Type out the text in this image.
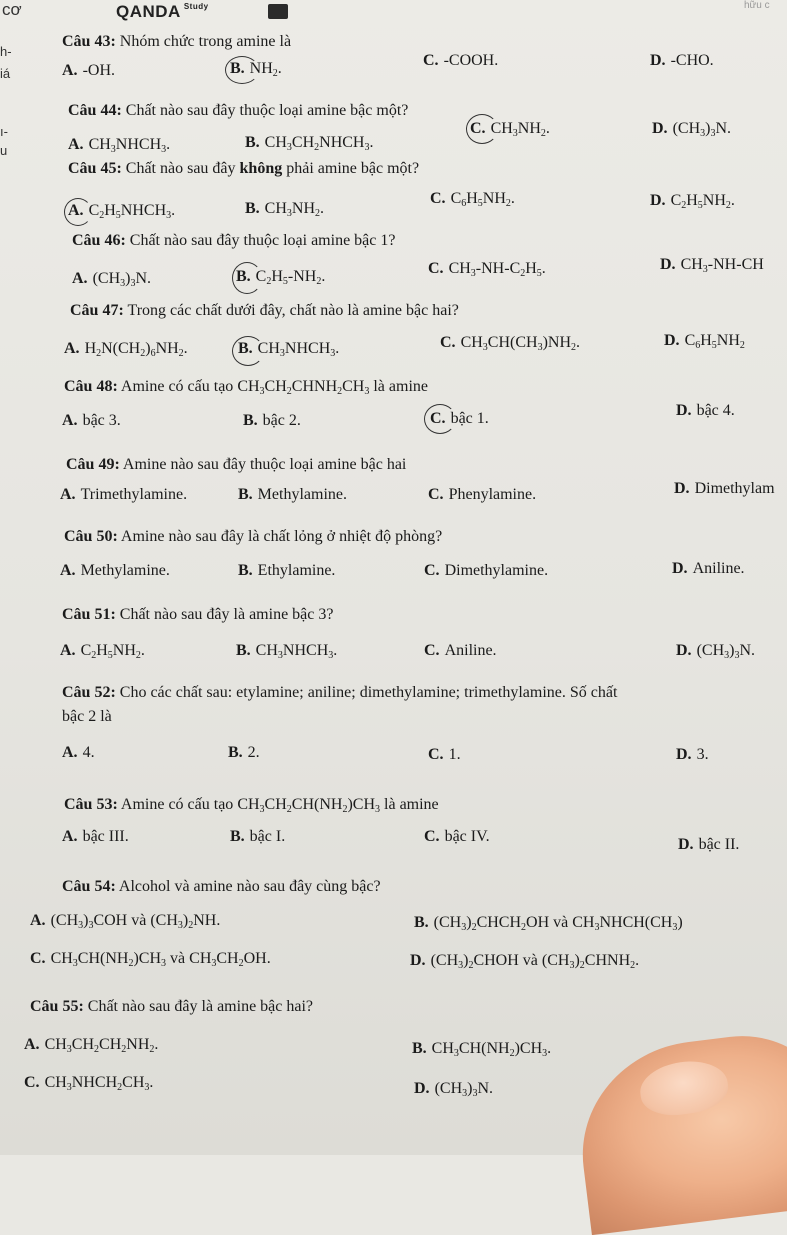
cơ	QANDA $^{Study}$	hữu c
h-
iá
ı-
u
Câu 43: Nhóm chức trong amine là
A. -OH.	B. $NH_2$.	C. -COOH.	D. -CHO.
Câu 44: Chất nào sau đây thuộc loại amine bậc một?
A. $CH_3NHCH_3$.	B. $CH_3CH_2NHCH_3$.
C. $CH_3NH_2$.	D. $(CH_3)_3N$.
Câu 45: Chất nào sau đây không phải amine bậc một?
A. $C_2H_5NHCH_3$.	B. $CH_3NH_2$.
C. $C_6H_5NH_2$.	D. $C_2H_5NH_2$.
Câu 46: Chất nào sau đây thuộc loại amine bậc 1?
A. $(CH_3)_3N$.	B. $C_2H_5-NH_2$.	C. $CH_3-NH-C_2H_5$.	D. $CH_3-NH-CH$
Câu 47: Trong các chất dưới đây, chất nào là amine bậc hai?
A. $H_2N(CH_2)_6NH_2$.	B. $CH_3NHCH_3$.	C. $CH_3CH(CH_3)NH_2$.	D. $C_6H_5NH_2$
Câu 48: Amine có cấu tạo $CH_3CH_2CHNH_2CH_3$ là amine
A. bậc 3.	B. bậc 2.	C. bậc 1.	D. bậc 4.
Câu 49: Amine nào sau đây thuộc loại amine bậc hai
A. Trimethylamine.	B. Methylamine.	C. Phenylamine.	D. Dimethylam
Câu 50: Amine nào sau đây là chất lỏng ở nhiệt độ phòng?
A. Methylamine.	B. Ethylamine.	C. Dimethylamine.	D. Aniline.
Câu 51: Chất nào sau đây là amine bậc 3?
A. $C_2H_5NH_2$.	B. $CH_3NHCH_3$.	C. Aniline.	D. $(CH_3)_3N$.
Câu 52: Cho các chất sau: etylamine; aniline; dimethylamine; trimethylamine. Số chất
bậc 2 là
A. 4.	B. 2.	C. 1.	D. 3.
Câu 53: Amine có cấu tạo $CH_3CH_2CH(NH_2)CH_3$ là amine
A. bậc III.	B. bậc I.	C. bậc IV.	D. bậc II.
Câu 54: Alcohol và amine nào sau đây cùng bậc?
A. $(CH_3)_3COH$ và $(CH_3)_2NH$.	B. $(CH_3)_2CHCH_2OH$ và $CH_3NHCH(CH_3)$
C. $CH_3CH(NH_2)CH_3$ và $CH_3CH_2OH$.	D. $(CH_3)_2CHOH$ và $(CH_3)_2CHNH_2$.
Câu 55: Chất nào sau đây là amine bậc hai?
A. $CH_3CH_2CH_2NH_2$.	B. $CH_3CH(NH_2)CH_3$.
C. $CH_3NHCH_2CH_3$.	D. $(CH_3)_3N$.
